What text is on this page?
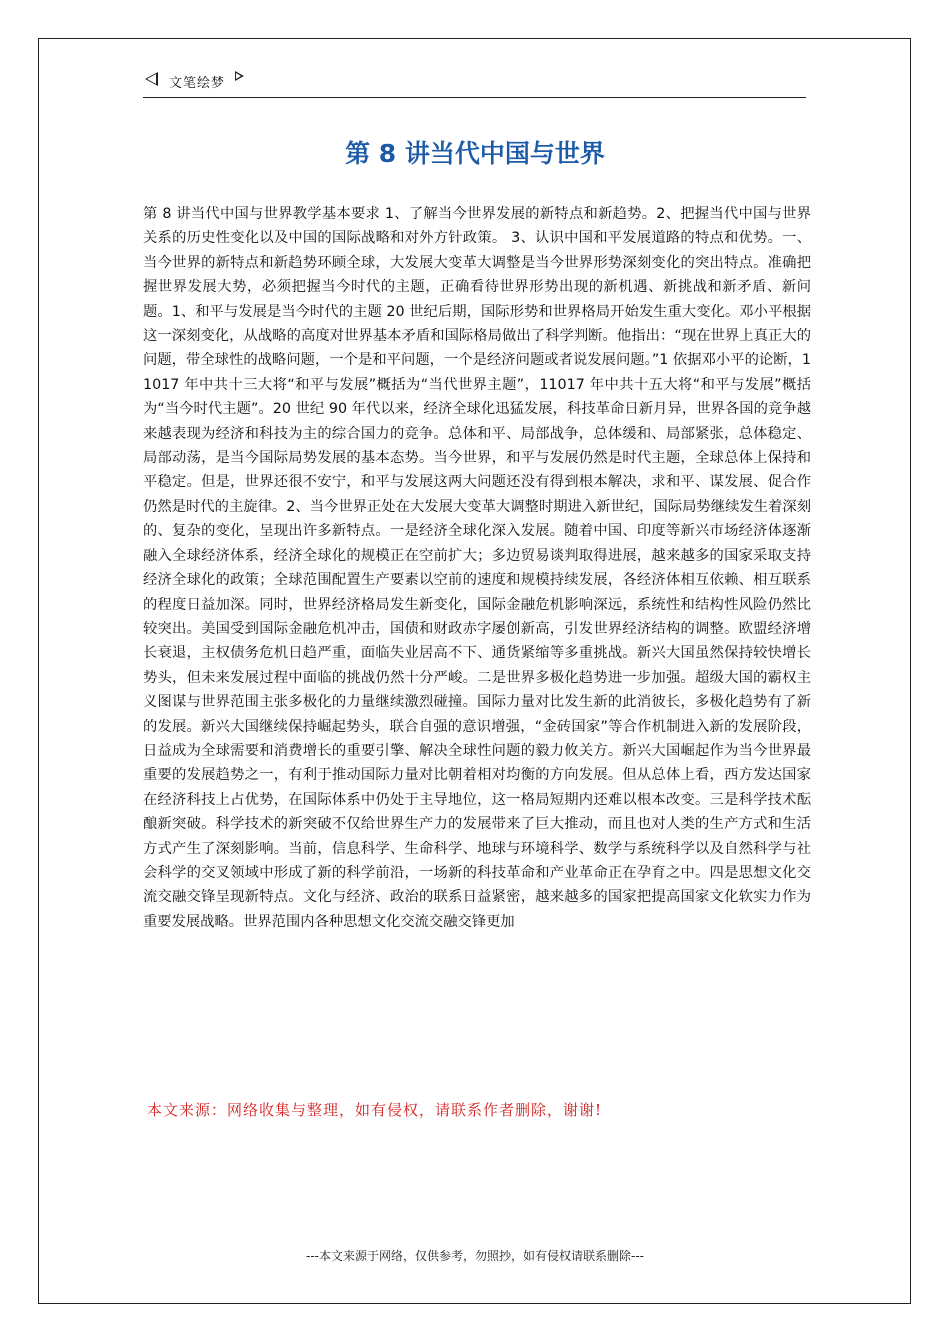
文笔绘梦
第 8 讲当代中国与世界
第 8 讲当代中国与世界教学基本要求 1、了解当今世界发展的新特点和新趋势。2、把握当代中国与世界关系的历史性变化以及中国的国际战略和对外方针政策。 3、认识中国和平发展道路的特点和优势。一、当今世界的新特点和新趋势环顾全球，大发展大变革大调整是当今世界形势深刻变化的突出特点。准确把握世界发展大势，必须把握当今时代的主题，正确看待世界形势出现的新机遇、新挑战和新矛盾、新问题。1、和平与发展是当今时代的主题 20 世纪后期，国际形势和世界格局开始发生重大变化。邓小平根据这一深刻变化，从战略的高度对世界基本矛盾和国际格局做出了科学判断。他指出：“现在世界上真正大的问题，带全球性的战略问题，一个是和平问题，一个是经济问题或者说发展问题。”1 依据邓小平的论断，11017 年中共十三大将“和平与发展”概括为“当代世界主题”，11017 年中共十五大将“和平与发展”概括为“当今时代主题”。20 世纪 90 年代以来，经济全球化迅猛发展，科技革命日新月异，世界各国的竞争越来越表现为经济和科技为主的综合国力的竞争。总体和平、局部战争，总体缓和、局部紧张，总体稳定、局部动荡，是当今国际局势发展的基本态势。当今世界，和平与发展仍然是时代主题，全球总体上保持和平稳定。但是，世界还很不安宁，和平与发展这两大问题还没有得到根本解决，求和平、谋发展、促合作仍然是时代的主旋律。2、当今世界正处在大发展大变革大调整时期进入新世纪，国际局势继续发生着深刻的、复杂的变化，呈现出许多新特点。一是经济全球化深入发展。随着中国、印度等新兴市场经济体逐渐融入全球经济体系，经济全球化的规模正在空前扩大；多边贸易谈判取得进展，越来越多的国家采取支持经济全球化的政策；全球范围配置生产要素以空前的速度和规模持续发展，各经济体相互依赖、相互联系的程度日益加深。同时，世界经济格局发生新变化，国际金融危机影响深远，系统性和结构性风险仍然比较突出。美国受到国际金融危机冲击，国债和财政赤字屡创新高，引发世界经济结构的调整。欧盟经济增长衰退，主权债务危机日趋严重，面临失业居高不下、通货紧缩等多重挑战。新兴大国虽然保持较快增长势头，但未来发展过程中面临的挑战仍然十分严峻。二是世界多极化趋势进一步加强。超级大国的霸权主义图谋与世界范围主张多极化的力量继续激烈碰撞。国际力量对比发生新的此消彼长，多极化趋势有了新的发展。新兴大国继续保持崛起势头，联合自强的意识增强，“金砖国家”等合作机制进入新的发展阶段，日益成为全球需要和消费增长的重要引擎、解决全球性问题的毅力攸关方。新兴大国崛起作为当今世界最重要的发展趋势之一，有利于推动国际力量对比朝着相对均衡的方向发展。但从总体上看，西方发达国家在经济科技上占优势，在国际体系中仍处于主导地位，这一格局短期内还难以根本改变。三是科学技术酝酿新突破。科学技术的新突破不仅给世界生产力的发展带来了巨大推动，而且也对人类的生产方式和生活方式产生了深刻影响。当前，信息科学、生命科学、地球与环境科学、数学与系统科学以及自然科学与社会科学的交叉领域中形成了新的科学前沿，一场新的科技革命和产业革命正在孕育之中。四是思想文化交流交融交锋呈现新特点。文化与经济、政治的联系日益紧密，越来越多的国家把提高国家文化软实力作为重要发展战略。世界范围内各种思想文化交流交融交锋更加
本文来源：网络收集与整理，如有侵权，请联系作者删除，谢谢!
---本文来源于网络，仅供参考，勿照抄，如有侵权请联系删除---
